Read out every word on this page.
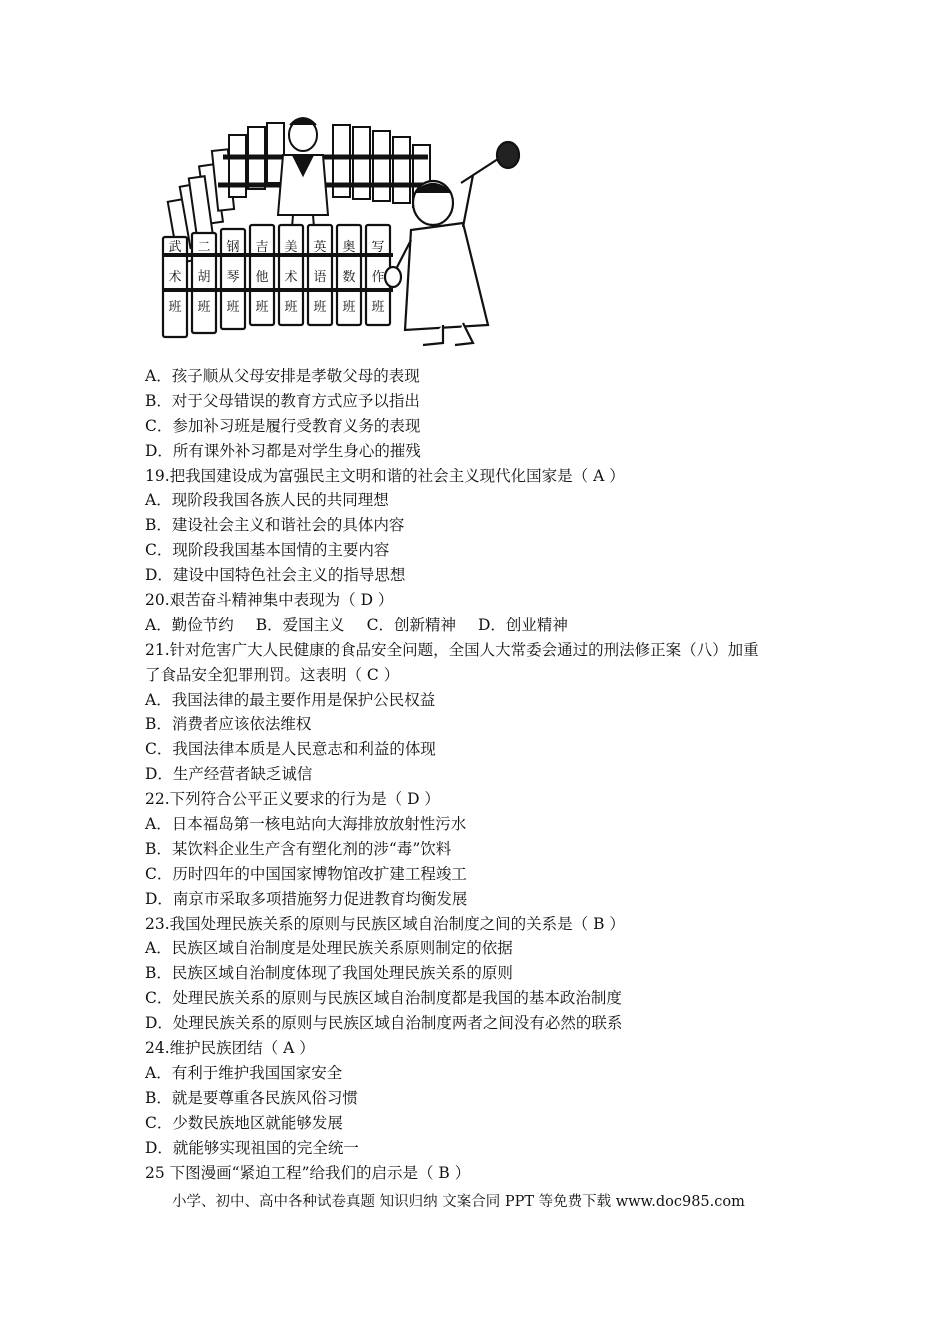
武
术
班
二
胡
班
钢
琴
班
吉
他
班
美
术
班
英
语
班
奥
数
班
写
作
班
A．孩子顺从父母安排是孝敬父母的表现
B．对于父母错误的教育方式应予以指出
C．参加补习班是履行受教育义务的表现
D．所有课外补习都是对学生身心的摧残
19.把我国建设成为富强民主文明和谐的社会主义现代化国家是（ A ）
A．现阶段我国各族人民的共同理想
B．建设社会主义和谐社会的具体内容
C．现阶段我国基本国情的主要内容
D．建设中国特色社会主义的指导思想
20.艰苦奋斗精神集中表现为（ D ）
A．勤俭节约 B．爱国主义 C．创新精神 D．创业精神
21.针对危害广大人民健康的食品安全问题，全国人大常委会通过的刑法修正案（八）加重
了食品安全犯罪刑罚。这表明（ C ）
A．我国法律的最主要作用是保护公民权益
B．消费者应该依法维权
C．我国法律本质是人民意志和利益的体现
D．生产经营者缺乏诚信
22.下列符合公平正义要求的行为是（ D ）
A．日本福岛第一核电站向大海排放放射性污水
B．某饮料企业生产含有塑化剂的涉“毒”饮料
C．历时四年的中国国家博物馆改扩建工程竣工
D．南京市采取多项措施努力促进教育均衡发展
23.我国处理民族关系的原则与民族区域自治制度之间的关系是（ B ）
A．民族区域自治制度是处理民族关系原则制定的依据
B．民族区域自治制度体现了我国处理民族关系的原则
C．处理民族关系的原则与民族区域自治制度都是我国的基本政治制度
D．处理民族关系的原则与民族区域自治制度两者之间没有必然的联系
24.维护民族团结（ A ）
A．有利于维护我国国家安全
B．就是要尊重各民族风俗习惯
C．少数民族地区就能够发展
D．就能够实现祖国的完全统一
25 下图漫画“紧迫工程”给我们的启示是（ B ）
小学、初中、高中各种试卷真题 知识归纳 文案合同 PPT 等免费下载 www.doc985.com
